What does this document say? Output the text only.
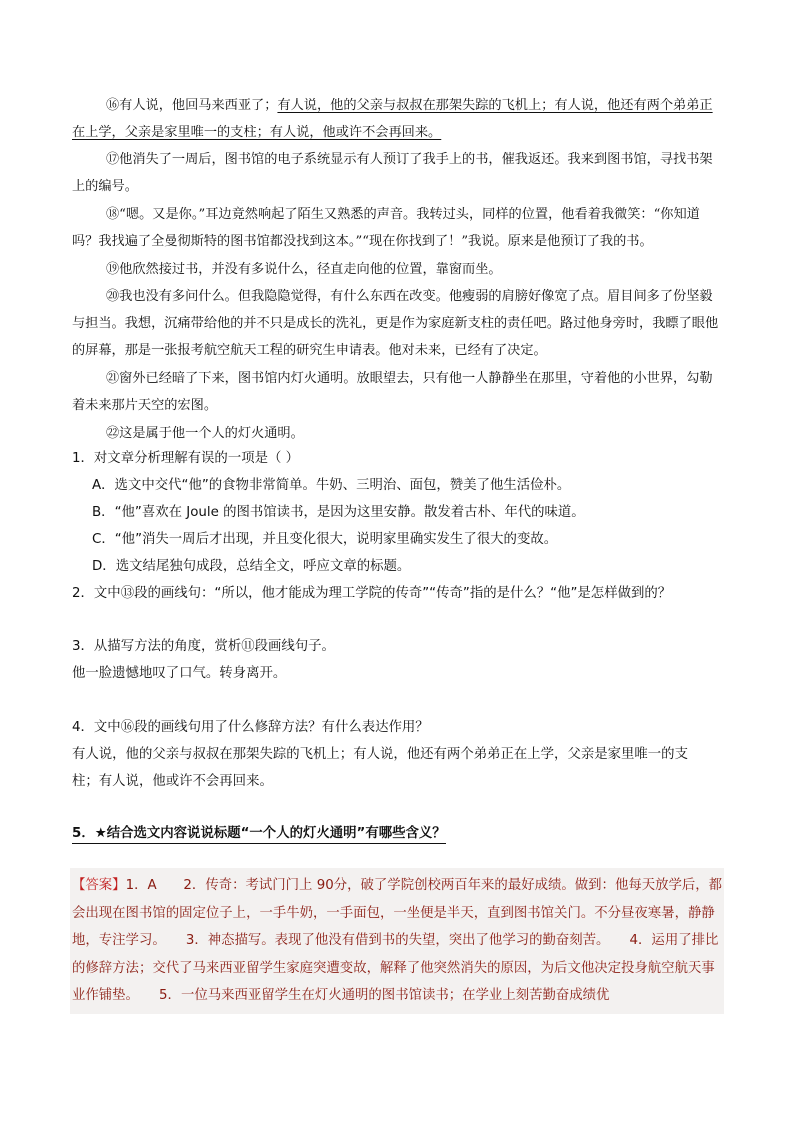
⑯有人说，他回马来西亚了；有人说，他的父亲与叔叔在那架失踪的飞机上；有人说，他还有两个弟弟正在上学，父亲是家里唯一的支柱；有人说，他或许不会再回来。

⑰他消失了一周后，图书馆的电子系统显示有人预订了我手上的书，催我返还。我来到图书馆，寻找书架上的编号。

⑱“嗯。又是你。”耳边竟然响起了陌生又熟悉的声音。我转过头，同样的位置，他看着我微笑：“你知道吗？我找遍了全曼彻斯特的图书馆都没找到这本。”“现在你找到了！”我说。原来是他预订了我的书。

⑲他欣然接过书，并没有多说什么，径直走向他的位置，靠窗而坐。

⑳我也没有多问什么。但我隐隐觉得，有什么东西在改变。他瘦弱的肩膀好像宽了点。眉目间多了份坚毅与担当。我想，沉痛带给他的并不只是成长的洗礼，更是作为家庭新支柱的责任吧。路过他身旁时，我瞟了眼他的屏幕，那是一张报考航空航天工程的研究生申请表。他对未来，已经有了决定。

㉑窗外已经暗了下来，图书馆内灯火通明。放眼望去，只有他一人静静坐在那里，守着他的小世界，勾勒着未来那片天空的宏图。

㉒这是属于他一个人的灯火通明。

1．对文章分析理解有误的一项是（ ）

A．选文中交代“他”的食物非常简单。牛奶、三明治、面包，赞美了他生活俭朴。

B．“他”喜欢在 Joule 的图书馆读书，是因为这里安静。散发着古朴、年代的味道。

C．“他”消失一周后才出现，并且变化很大，说明家里确实发生了很大的变故。

D．选文结尾独句成段，总结全文，呼应文章的标题。

2．文中⑬段的画线句：“所以，他才能成为理工学院的传奇”“传奇”指的是什么？“他”是怎样做到的？

3．从描写方法的角度，赏析⑪段画线句子。

他一脸遗憾地叹了口气。转身离开。

4．文中⑯段的画线句用了什么修辞方法？有什么表达作用？

有人说，他的父亲与叔叔在那架失踪的飞机上；有人说，他还有两个弟弟正在上学，父亲是家里唯一的支

柱；有人说，他或许不会再回来。

5．★结合选文内容说说标题“一个人的灯火通明”有哪些含义？

【答案】1．A　　2．传奇：考试门门上 90分，破了学院创校两百年来的最好成绩。做到：他每天放学后，都会出现在图书馆的固定位子上，一手牛奶，一手面包，一坐便是半天，直到图书馆关门。不分昼夜寒暑，静静地，专注学习。　　3．神态描写。表现了他没有借到书的失望，突出了他学习的勤奋刻苦。　　4．运用了排比的修辞方法；交代了马来西亚留学生家庭突遭变故，解释了他突然消失的原因，为后文他决定投身航空航天事业作铺垫。　　5．一位马来西亚留学生在灯火通明的图书馆读书；在学业上刻苦勤奋成绩优
